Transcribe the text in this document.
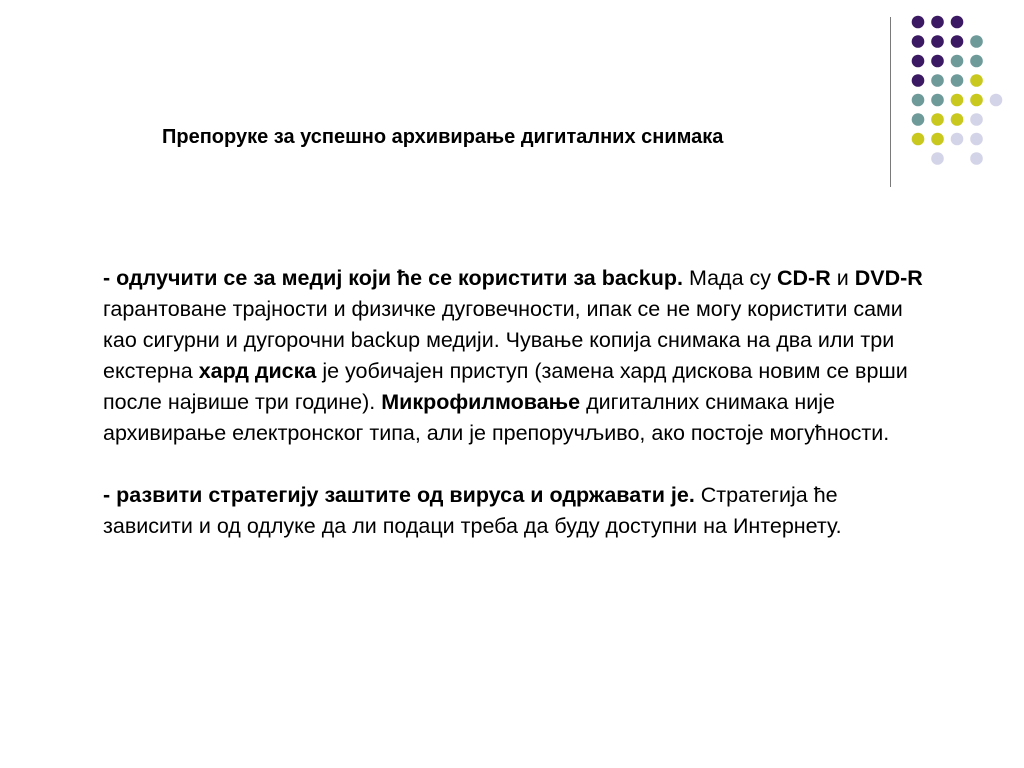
Препоруке за успешно архивирање дигиталних снимака

- одлучити се за медиј који ће се користити за backup. Мада су CD-R и DVD-R гарантоване трајности и физичке дуговечности, ипак се не могу користити сами као сигурни и дугорочни backup медији. Чување копија снимака на два или три екстерна хард диска је уобичајен приступ (замена хард дискова новим се врши после највише три године). Микрофилмовање дигиталних снимака није архивирање електронског типа, али је препоручљиво, ако постоје могућности.

- развити стратегију заштите од вируса и одржавати је. Стратегија ће зависити и од одлуке да ли подаци треба да буду доступни на Интернету.
